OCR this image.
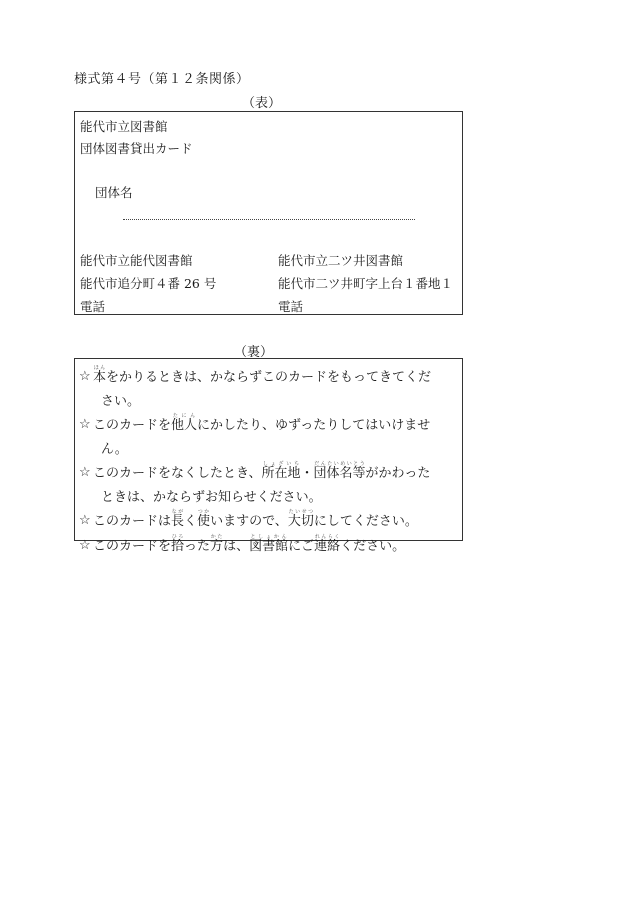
様式第４号（第１２条関係）
（表）
能代市立図書館
団体図書貸出カード
団体名
能代市立能代図書館
能代市追分町４番 26 号
電話
能代市立二ツ井図書館
能代市二ツ井町字上台１番地１
電話
（裏）
☆ 本ほんをかりるときは、かならずこのカードをもってきてくだ
さい。
☆ このカードを他人たにんにかしたり、ゆずったりしてはいけませ
ん。
☆ このカードをなくしたとき、所在地しょざいち・団体名等だんたいめいとうがかわった
ときは、かならずお知らせください。
☆ このカードは長ながく使つかいますので、大切たいせつにしてください。
☆ このカードを拾ひろった方かたは、図書館としょかんにご連絡れんらくください。
